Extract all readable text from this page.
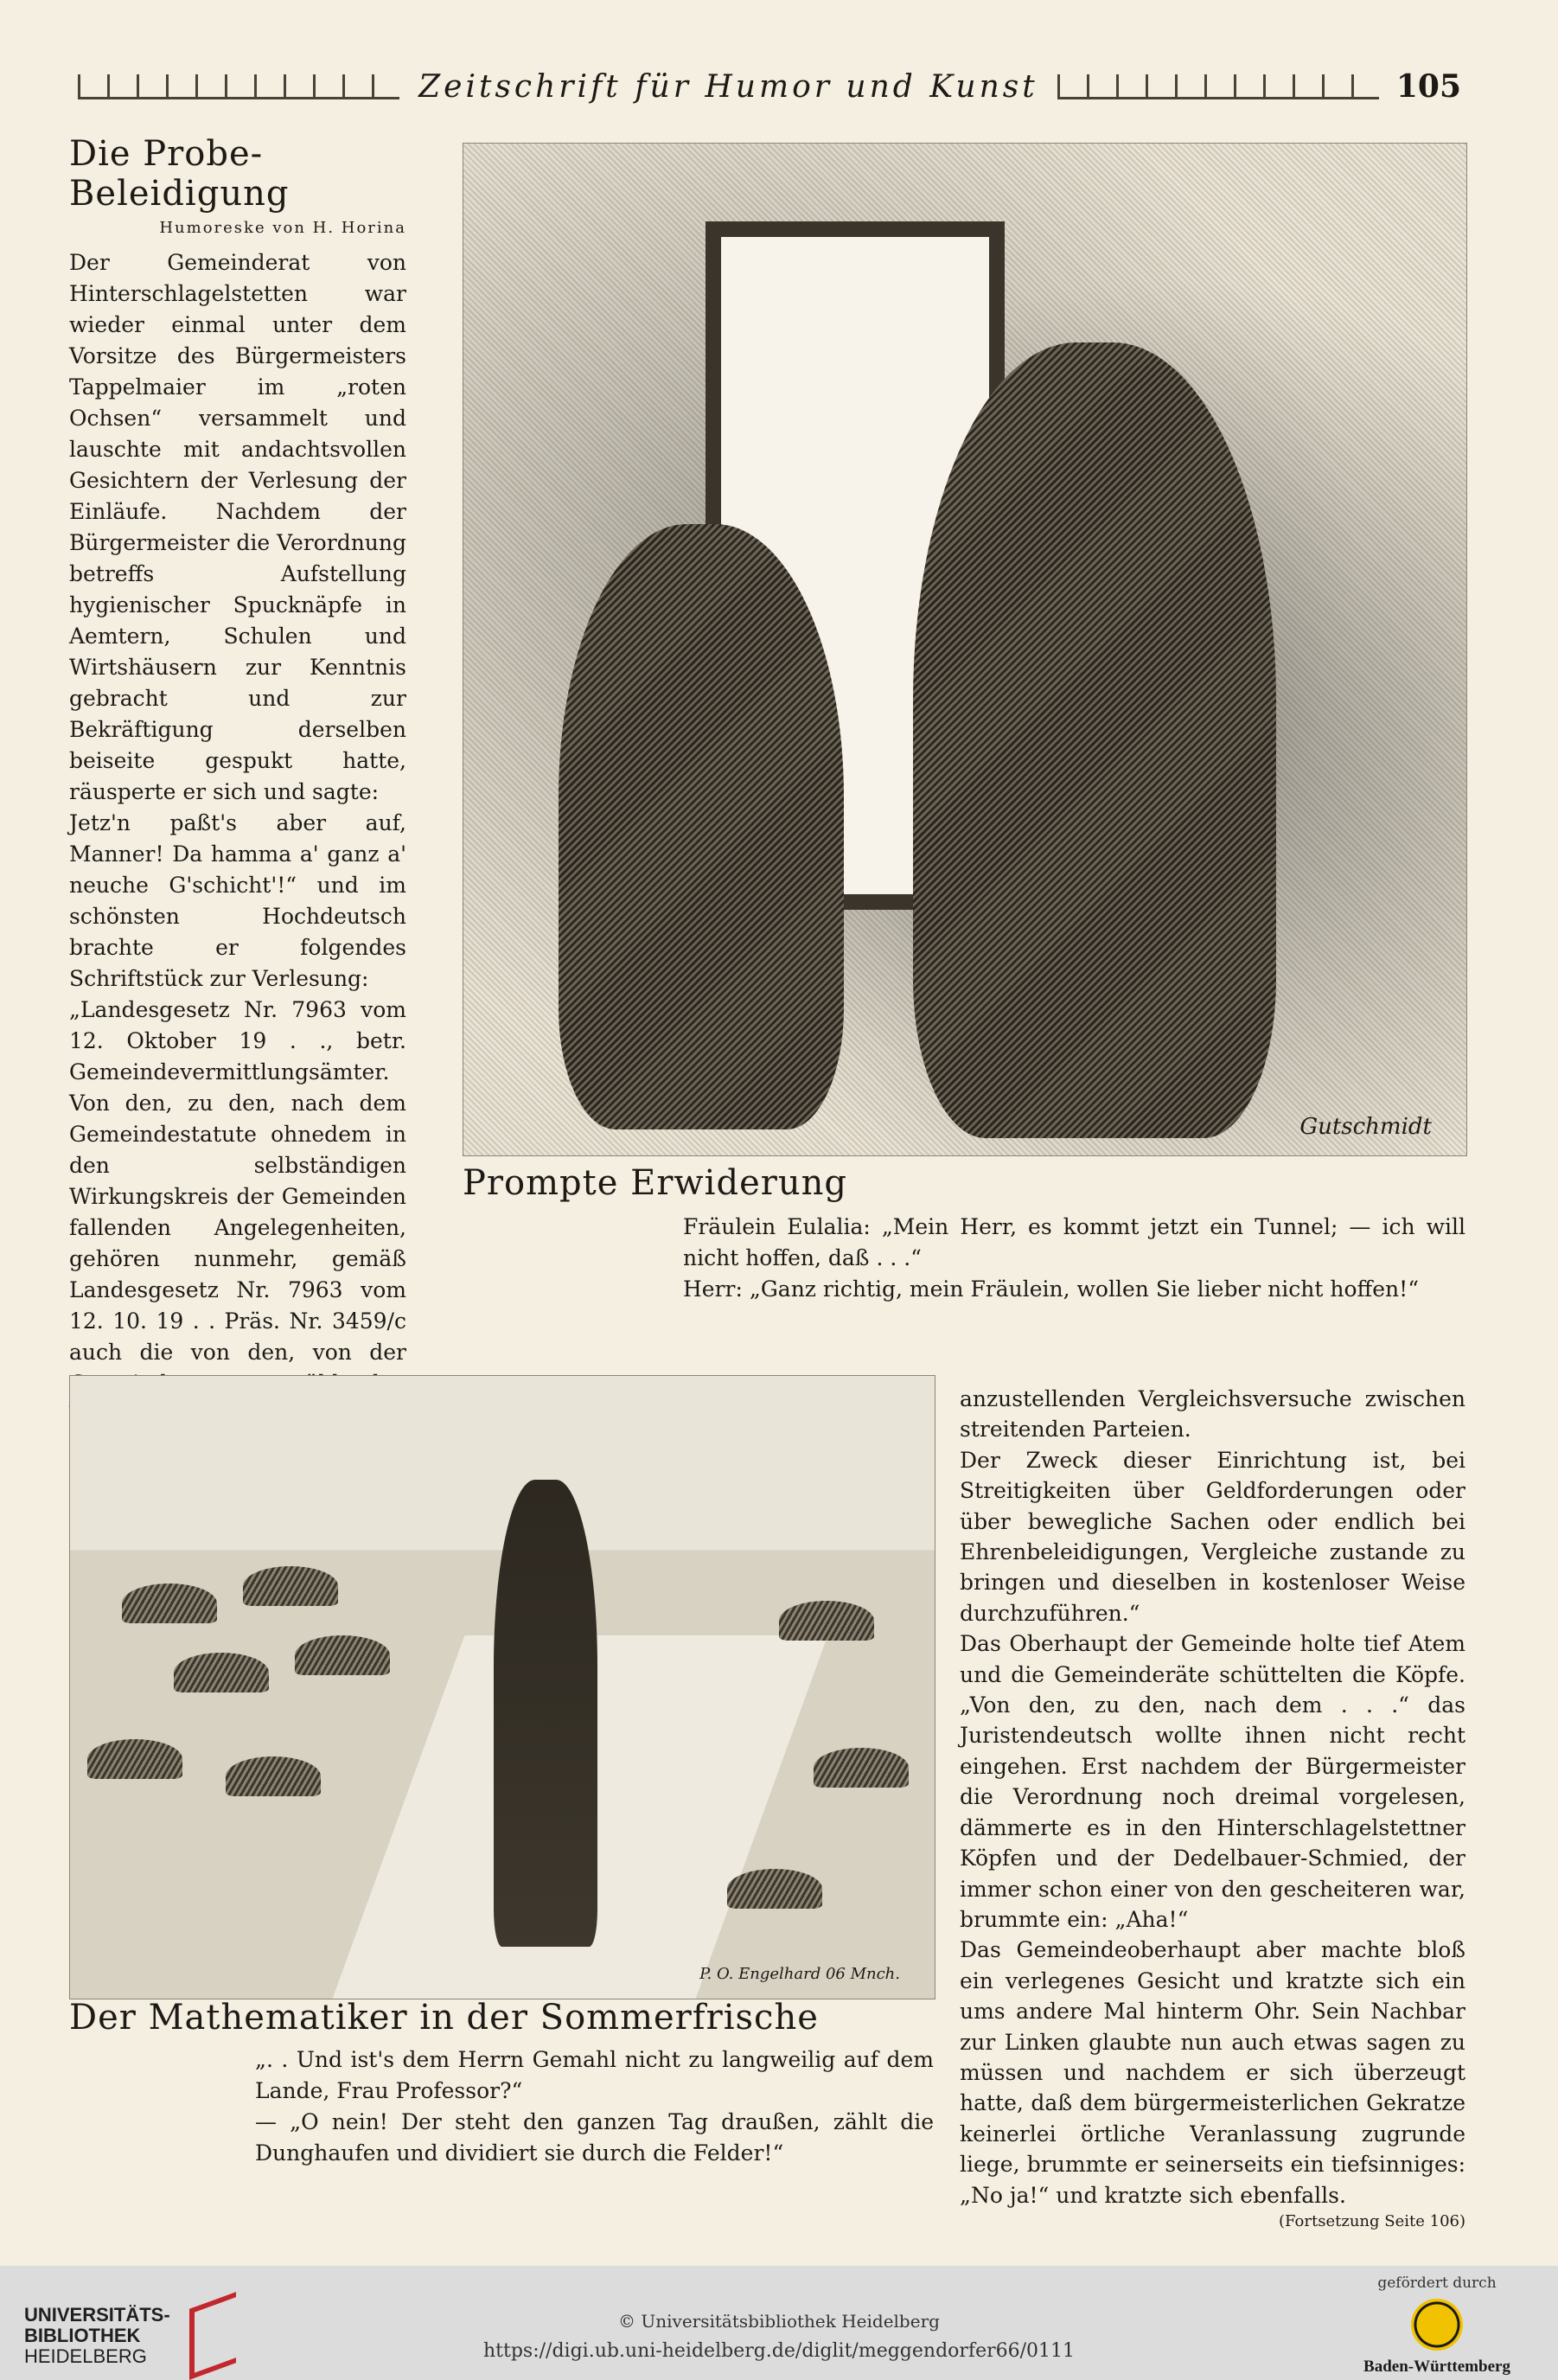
Zeitschrift für Humor und Kunst	105
Die Probe-Beleidigung
Humoreske von H. Horina

Der Gemeinderat von Hinterschlagelstetten war wieder einmal unter dem Vorsitze des Bürgermeisters Tappelmaier im „roten Ochsen“ versammelt und lauschte mit andachtsvollen Gesichtern der Verlesung der Einläufe. Nachdem der Bürgermeister die Verordnung betreffs Aufstellung hygienischer Spucknäpfe in Aemtern, Schulen und Wirtshäusern zur Kenntnis gebracht und zur Bekräftigung derselben beiseite gespukt hatte, räusperte er sich und sagte:

Jetz'n paßt's aber auf, Manner! Da hamma a' ganz a' neuche G'schicht'!“ und im schönsten Hochdeutsch brachte er folgendes Schriftstück zur Verlesung:

„Landesgesetz Nr. 7963 vom 12. Oktober 19 . ., betr. Gemeindevermittlungsämter.

Von den, zu den, nach dem Gemeindestatute ohnedem in den selbständigen Wirkungskreis der Gemeinden fallenden Angelegenheiten, gehören nunmehr, gemäß Landesgesetz Nr. 7963 vom 12. 10. 19 . . Präs. Nr. 3459/c auch die von den, von der

Gutschmidt
Prompte Erwiderung

Fräulein Eulalia: „Mein Herr, es kommt jetzt ein Tunnel; — ich will nicht hoffen, daß . . .“

Herr: „Ganz richtig, mein Fräulein, wollen Sie lieber nicht hoffen!“

P. O. Engelhard 06 Mnch.
Der Mathematiker in der Sommerfrische

„. . Und ist's dem Herrn Gemahl nicht zu langweilig auf dem Lande, Frau Professor?“

— „O nein! Der steht den ganzen Tag draußen, zählt die Dunghaufen und dividiert sie durch die Felder!“

anzustellenden Vergleichsversuche zwischen streitenden Parteien.

Der Zweck dieser Einrichtung ist, bei Streitigkeiten über Geldforderungen oder über bewegliche Sachen oder endlich bei Ehrenbeleidigungen, Vergleiche zustande zu bringen und dieselben in kostenloser Weise durchzuführen.“

Das Oberhaupt der Gemeinde holte tief Atem und die Gemeinderäte schüttelten die Köpfe. „Von den, zu den, nach dem . . .“ das Juristendeutsch wollte ihnen nicht recht eingehen. Erst nachdem der Bürgermeister die Verordnung noch dreimal vorgelesen, dämmerte es in den Hinterschlagelstettner Köpfen und der Dedelbauer-Schmied, der immer schon einer von den gescheiteren war, brummte ein: „Aha!“

Das Gemeindeoberhaupt aber machte bloß ein verlegenes Gesicht und kratzte sich ein ums andere Mal hinterm Ohr. Sein Nachbar zur Linken glaubte nun auch etwas sagen zu müssen und nachdem er sich überzeugt hatte, daß dem bürgermeisterlichen Gekratze keinerlei örtliche Veranlassung zugrunde liege, brummte er seinerseits ein tiefsinniges: „No ja!“ und kratzte sich ebenfalls.

(Fortsetzung Seite 106)
UNIVERSITÄTS-
BIBLIOTHEK
HEIDELBERG
© Universitätsbibliothek Heidelberg
https://digi.ub.uni-heidelberg.de/diglit/meggendorfer66/0111
gefördert durch
Baden-Württemberg
